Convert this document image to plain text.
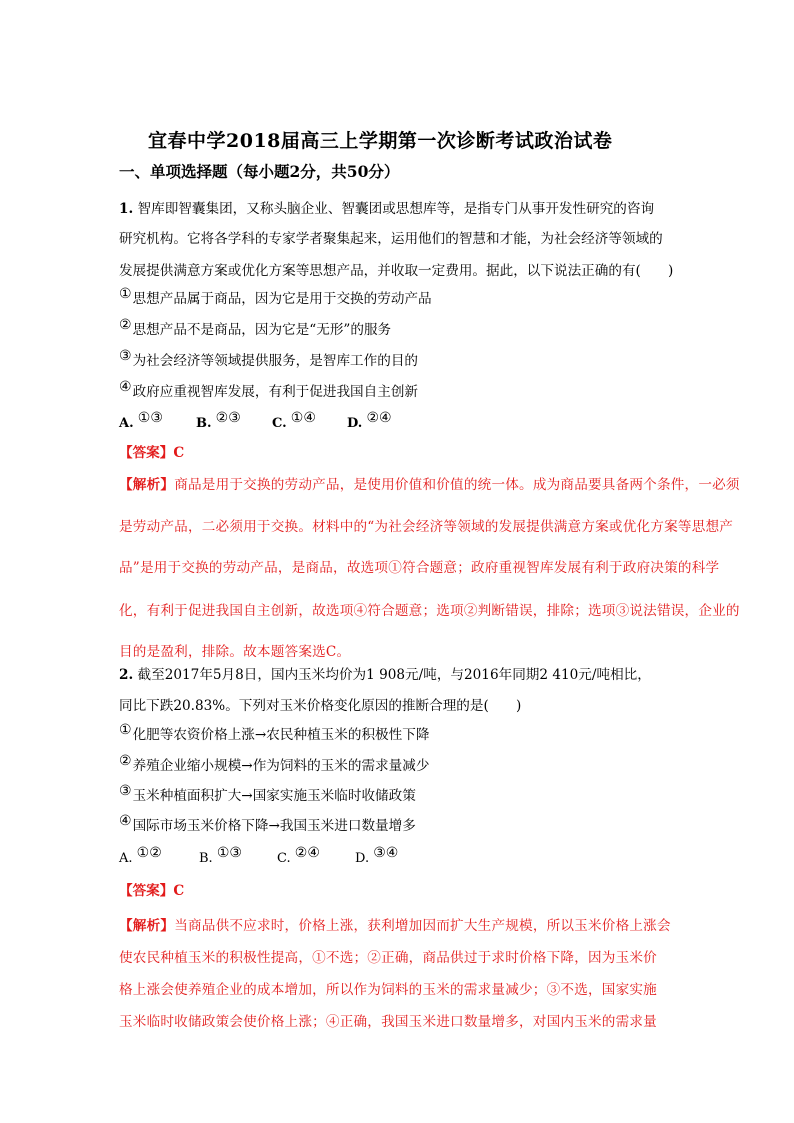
宜春中学2018届高三上学期第一次诊断考试政治试卷
一、单项选择题（每小题2分，共50分）
1. 智库即智囊集团，又称头脑企业、智囊团或思想库等，是指专门从事开发性研究的咨询
研究机构。它将各学科的专家学者聚集起来，运用他们的智慧和才能，为社会经济等领域的
发展提供满意方案或优化方案等思想产品，并收取一定费用。据此，以下说法正确的有(　　)
①思想产品属于商品，因为它是用于交换的劳动产品
②思想产品不是商品，因为它是“无形”的服务
③为社会经济等领域提供服务，是智库工作的目的
④政府应重视智库发展，有利于促进我国自主创新
A. ①③	B. ②③ C. ①④ D. ②④
【答案】C
【解析】商品是用于交换的劳动产品，是使用价值和价值的统一体。成为商品要具备两个条件，一必须
是劳动产品，二必须用于交换。材料中的“为社会经济等领域的发展提供满意方案或优化方案等思想产
品”是用于交换的劳动产品，是商品，故选项①符合题意；政府重视智库发展有利于政府决策的科学
化，有利于促进我国自主创新，故选项④符合题意；选项②判断错误，排除；选项③说法错误，企业的
目的是盈利，排除。故本题答案选C。
2. 截至2017年5月8日，国内玉米均价为1 908元/吨，与2016年同期2 410元/吨相比，
同比下跌20.83%。下列对玉米价格变化原因的推断合理的是(　　)
①化肥等农资价格上涨→农民种植玉米的积极性下降
②养殖企业缩小规模→作为饲料的玉米的需求量减少
③玉米种植面积扩大→国家实施玉米临时收储政策
④国际市场玉米价格下降→我国玉米进口数量增多
A. ①②	B. ①③	C. ②④	D. ③④
【答案】C
【解析】当商品供不应求时，价格上涨，获利增加因而扩大生产规模，所以玉米价格上涨会
使农民种植玉米的积极性提高，①不选；②正确，商品供过于求时价格下降，因为玉米价
格上涨会使养殖企业的成本增加，所以作为饲料的玉米的需求量减少；③不选，国家实施
玉米临时收储政策会使价格上涨；④正确，我国玉米进口数量增多，对国内玉米的需求量
